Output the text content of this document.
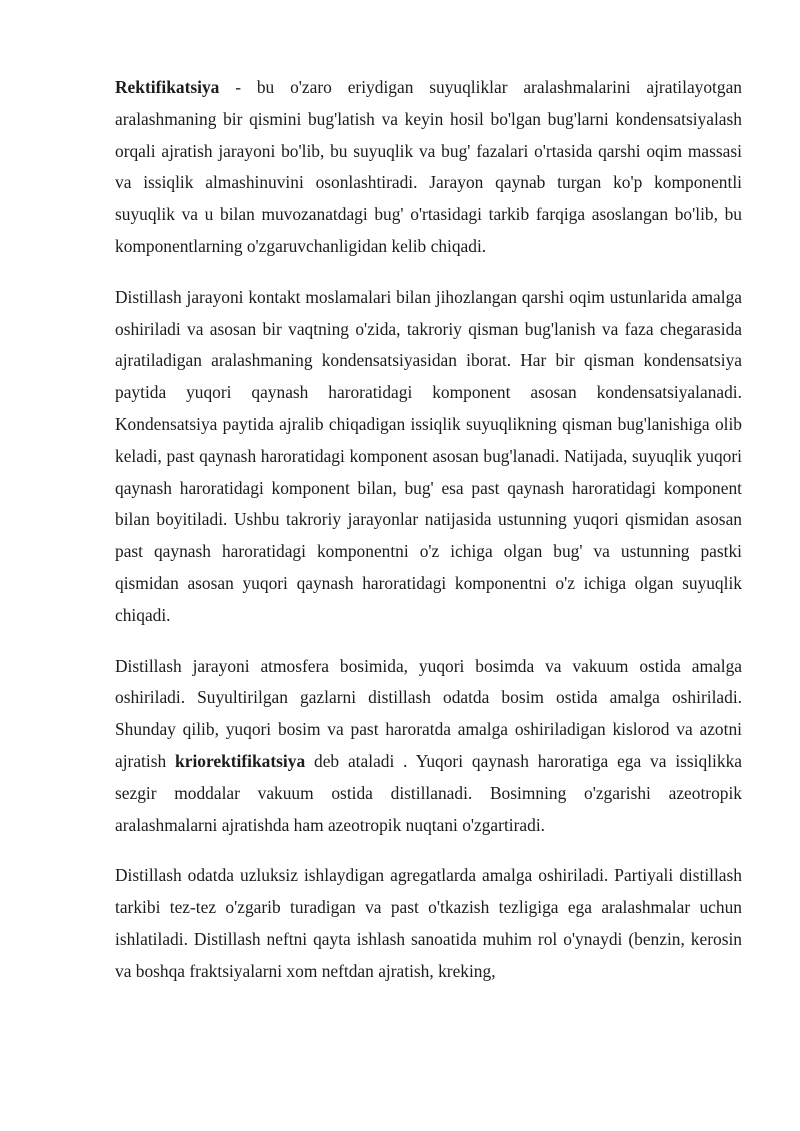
Rektifikatsiya - bu o'zaro eriydigan suyuqliklar aralashmalarini ajratilayotgan aralashmaning bir qismini bug'latish va keyin hosil bo'lgan bug'larni kondensatsiyalash orqali ajratish jarayoni bo'lib, bu suyuqlik va bug' fazalari o'rtasida qarshi oqim massasi va issiqlik almashinuvini osonlashtiradi. Jarayon qaynab turgan ko'p komponentli suyuqlik va u bilan muvozanatdagi bug' o'rtasidagi tarkib farqiga asoslangan bo'lib, bu komponentlarning o'zgaruvchanligidan kelib chiqadi.

Distillash jarayoni kontakt moslamalari bilan jihozlangan qarshi oqim ustunlarida amalga oshiriladi va asosan bir vaqtning o'zida, takroriy qisman bug'lanish va faza chegarasida ajratiladigan aralashmaning kondensatsiyasidan iborat. Har bir qisman kondensatsiya paytida yuqori qaynash haroratidagi komponent asosan kondensatsiyalanadi. Kondensatsiya paytida ajralib chiqadigan issiqlik suyuqlikning qisman bug'lanishiga olib keladi, past qaynash haroratidagi komponent asosan bug'lanadi. Natijada, suyuqlik yuqori qaynash haroratidagi komponent bilan, bug' esa past qaynash haroratidagi komponent bilan boyitiladi. Ushbu takroriy jarayonlar natijasida ustunning yuqori qismidan asosan past qaynash haroratidagi komponentni o'z ichiga olgan bug' va ustunning pastki qismidan asosan yuqori qaynash haroratidagi komponentni o'z ichiga olgan suyuqlik chiqadi.

Distillash jarayoni atmosfera bosimida, yuqori bosimda va vakuum ostida amalga oshiriladi. Suyultirilgan gazlarni distillash odatda bosim ostida amalga oshiriladi. Shunday qilib, yuqori bosim va past haroratda amalga oshiriladigan kislorod va azotni ajratish kriorektifikatsiya deb ataladi . Yuqori qaynash haroratiga ega va issiqlikka sezgir moddalar vakuum ostida distillanadi. Bosimning o'zgarishi azeotropik aralashmalarni ajratishda ham azeotropik nuqtani o'zgartiradi.

Distillash odatda uzluksiz ishlaydigan agregatlarda amalga oshiriladi. Partiyali distillash tarkibi tez-tez o'zgarib turadigan va past o'tkazish tezligiga ega aralashmalar uchun ishlatiladi. Distillash neftni qayta ishlash sanoatida muhim rol o'ynaydi (benzin, kerosin va boshqa fraktsiyalarni xom neftdan ajratish, kreking,
